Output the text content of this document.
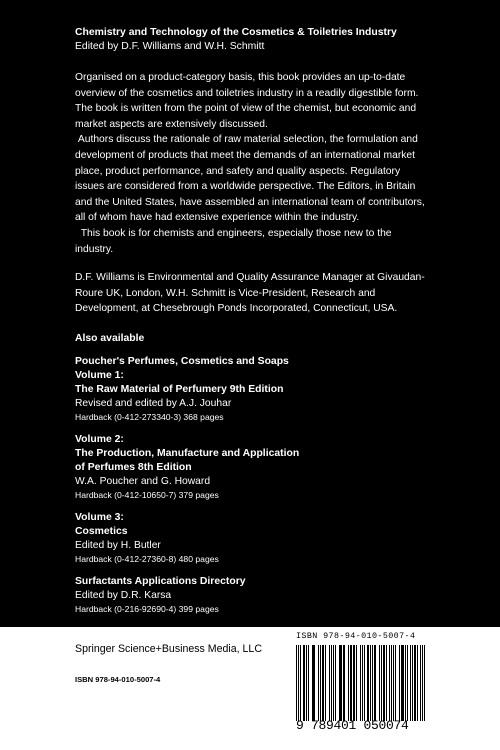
Chemistry and Technology of the Cosmetics & Toiletries Industry
Edited by D.F. Williams and W.H. Schmitt

Organised on a product-category basis, this book provides an up-to-date overview of the cosmetics and toiletries industry in a readily digestible form. The book is written from the point of view of the chemist, but economic and market aspects are extensively discussed.

Authors discuss the rationale of raw material selection, the formulation and development of products that meet the demands of an international market place, product performance, and safety and quality aspects. Regulatory issues are considered from a worldwide perspective. The Editors, in Britain and the United States, have assembled an international team of contributors, all of whom have had extensive experience within the industry.

This book is for chemists and engineers, especially those new to the industry.

D.F. Williams is Environmental and Quality Assurance Manager at Givaudan-Roure UK, London, W.H. Schmitt is Vice-President, Research and Development, at Chesebrough Ponds Incorporated, Connecticut, USA.

Also available
Poucher's Perfumes, Cosmetics and Soaps
Volume 1:
The Raw Material of Perfumery 9th Edition
Revised and edited by A.J. Jouhar
Hardback (0-412-273340-3) 368 pages
Volume 2:
The Production, Manufacture and Application
of Perfumes 8th Edition
W.A. Poucher and G. Howard
Hardback (0-412-10650-7) 379 pages
Volume 3:
Cosmetics
Edited by H. Butler
Hardback (0-412-27360-8) 480 pages
Surfactants Applications Directory
Edited by D.R. Karsa
Hardback (0-216-92690-4) 399 pages
Springer Science+Business Media, LLC
ISBN 978-94-010-5007-4
ISBN 978-94-010-5007-4
9 789401 050074
